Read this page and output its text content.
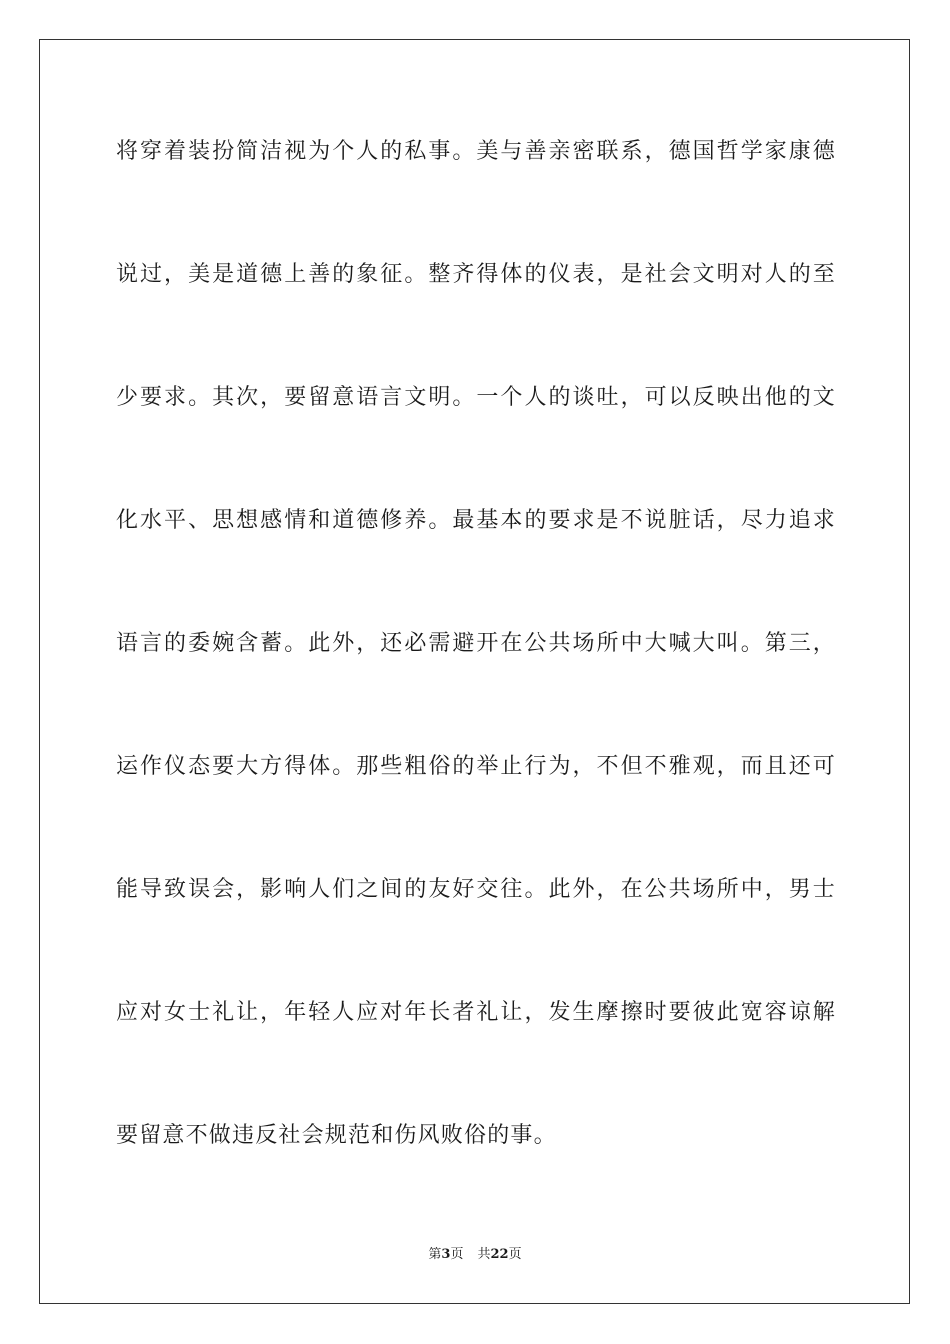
将穿着装扮简洁视为个人的私事。美与善亲密联系，德国哲学家康德
说过，美是道德上善的象征。整齐得体的仪表，是社会文明对人的至
少要求。其次，要留意语言文明。一个人的谈吐，可以反映出他的文
化水平、思想感情和道德修养。最基本的要求是不说脏话，尽力追求
语言的委婉含蓄。此外，还必需避开在公共场所中大喊大叫。第三，
运作仪态要大方得体。那些粗俗的举止行为，不但不雅观，而且还可
能导致误会，影响人们之间的友好交往。此外，在公共场所中，男士
应对女士礼让，年轻人应对年长者礼让，发生摩擦时要彼此宽容谅解
要留意不做违反社会规范和伤风败俗的事。
第3页 共22页
